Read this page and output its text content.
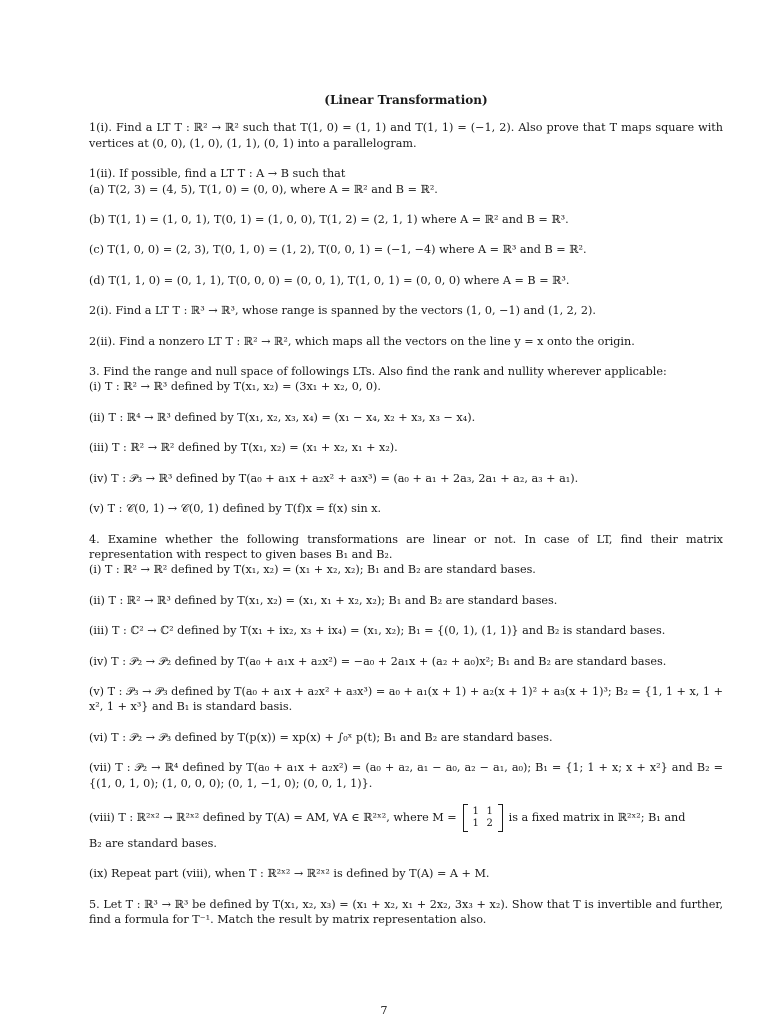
(Linear Transformation)

1(i). Find a LT T : ℝ² → ℝ² such that T(1, 0) = (1, 1) and T(1, 1) = (−1, 2). Also prove that T maps square with vertices at (0, 0), (1, 0), (1, 1), (0, 1) into a parallelogram.

1(ii). If possible, find a LT T : A → B such that

(a) T(2, 3) = (4, 5), T(1, 0) = (0, 0), where A = ℝ² and B = ℝ².

(b) T(1, 1) = (1, 0, 1), T(0, 1) = (1, 0, 0), T(1, 2) = (2, 1, 1) where A = ℝ² and B = ℝ³.

(c) T(1, 0, 0) = (2, 3), T(0, 1, 0) = (1, 2), T(0, 0, 1) = (−1, −4) where A = ℝ³ and B = ℝ².

(d) T(1, 1, 0) = (0, 1, 1), T(0, 0, 0) = (0, 0, 1), T(1, 0, 1) = (0, 0, 0) where A = B = ℝ³.

2(i). Find a LT T : ℝ³ → ℝ³, whose range is spanned by the vectors (1, 0, −1) and (1, 2, 2).

2(ii). Find a nonzero LT T : ℝ² → ℝ², which maps all the vectors on the line y = x onto the origin.

3. Find the range and null space of followings LTs. Also find the rank and nullity wherever applicable:

(i) T : ℝ² → ℝ³ defined by T(x₁, x₂) = (3x₁ + x₂, 0, 0).

(ii) T : ℝ⁴ → ℝ³ defined by T(x₁, x₂, x₃, x₄) = (x₁ − x₄, x₂ + x₃, x₃ − x₄).

(iii) T : ℝ² → ℝ² defined by T(x₁, x₂) = (x₁ + x₂, x₁ + x₂).

(iv) T : 𝒫₃ → ℝ³ defined by T(a₀ + a₁x + a₂x² + a₃x³) = (a₀ + a₁ + 2a₃, 2a₁ + a₂, a₃ + a₁).

(v) T : 𝒞(0, 1) → 𝒞(0, 1) defined by T(f)x = f(x) sin x.

4. Examine whether the following transformations are linear or not. In case of LT, find their matrix representation with respect to given bases B₁ and B₂.

(i) T : ℝ² → ℝ² defined by T(x₁, x₂) = (x₁ + x₂, x₂); B₁ and B₂ are standard bases.

(ii) T : ℝ² → ℝ³ defined by T(x₁, x₂) = (x₁, x₁ + x₂, x₂); B₁ and B₂ are standard bases.

(iii) T : ℂ² → ℂ² defined by T(x₁ + ix₂, x₃ + ix₄) = (x₁, x₂); B₁ = {(0, 1), (1, 1)} and B₂ is standard bases.

(iv) T : 𝒫₂ → 𝒫₂ defined by T(a₀ + a₁x + a₂x²) = −a₀ + 2a₁x + (a₂ + a₀)x²; B₁ and B₂ are standard bases.

(v) T : 𝒫₃ → 𝒫₃ defined by T(a₀ + a₁x + a₂x² + a₃x³) = a₀ + a₁(x + 1) + a₂(x + 1)² + a₃(x + 1)³; B₂ = {1, 1 + x, 1 + x², 1 + x³} and B₁ is standard basis.

(vi) T : 𝒫₂ → 𝒫₃ defined by T(p(x)) = xp(x) + ∫₀ˣ p(t); B₁ and B₂ are standard bases.

(vii) T : 𝒫₂ → ℝ⁴ defined by T(a₀ + a₁x + a₂x²) = (a₀ + a₂, a₁ − a₀, a₂ − a₁, a₀); B₁ = {1; 1 + x; x + x²} and B₂ = {(1, 0, 1, 0); (1, 0, 0, 0); (0, 1, −1, 0); (0, 0, 1, 1)}.

(viii) T : ℝ²ˣ² → ℝ²ˣ² defined by T(A) = AM, ∀A ∈ ℝ²ˣ², where M =	1 1
1 2	is a fixed matrix in ℝ²ˣ²; B₁ and

B₂ are standard bases.

(ix) Repeat part (viii), when T : ℝ²ˣ² → ℝ²ˣ² is defined by T(A) = A + M.

5. Let T : ℝ³ → ℝ³ be defined by T(x₁, x₂, x₃) = (x₁ + x₂, x₁ + 2x₂, 3x₃ + x₂). Show that T is invertible and further, find a formula for T⁻¹. Match the result by matrix representation also.

7
